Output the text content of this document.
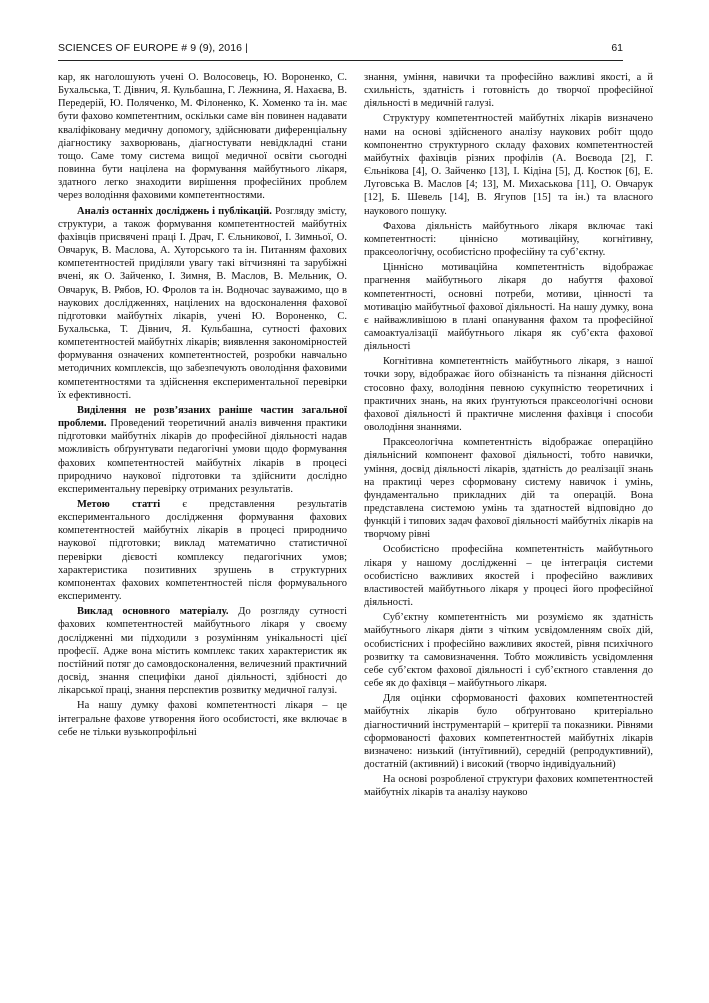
SCIENCES OF EUROPE # 9 (9), 2016 |	61

кар, як наголошують учені О. Волосовець, Ю. Вороненко, С. Бухальська, Т. Дівнич, Я. Кульбашна, Г. Лежнина, Я. Нахаєва, В. Передерій, Ю. Поляченко, М. Філоненко, К. Хоменко та ін. має бути фахово компетентним, оскільки саме він повинен надавати кваліфіковану медичну допомогу, здійснювати диференціальну діагностику захворювань, діагностувати невідкладні стани тощо. Саме тому система вищої медичної освіти сьогодні повинна бути націлена на формування майбутнього лікаря, здатного легко знаходити вирішення професійних проблем через володіння фаховими компетентностями.

Аналіз останніх досліджень і публікацій. Розгляду змісту, структури, а також формування компетентностей майбутніх фахівців присвячені праці І. Драч, Г. Єльникової, І. Зимньої, О. Овчарук, В. Маслова, А. Хуторського та ін. Питанням фахових компетентностей приділяли увагу такі вітчизняні та зарубіжні вчені, як О. Зайченко, І. Зимня, В. Маслов, В. Мельник, О. Овчарук, В. Рябов, Ю. Фролов та ін. Водночас зауважимо, що в наукових дослідженнях, націлених на вдосконалення фахової підготовки майбутніх лікарів, учені Ю. Вороненко, С. Бухальська, Т. Дівнич, Я. Кульбашна, сутності фахових компетентностей майбутніх лікарів; виявлення закономірностей формування означених компетентностей, розробки навчально методичних комплексів, що забезпечують оволодіння фаховими компетентностями та здійснення експериментальної перевірки їх ефективності.

Виділення не розв’язаних раніше частин загальної проблеми. Проведений теоретичний аналіз вивчення практики підготовки майбутніх лікарів до професійної діяльності надав можливість обґрунтувати педагогічні умови щодо формування фахових компетентностей майбутніх лікарів в процесі природничо наукової підготовки та здійснити дослідно експериментальну перевірку отриманих результатів.

Метою статті є представлення результатів експериментального дослідження формування фахових компетентностей майбутніх лікарів в процесі природничо наукової підготовки; виклад математично статистичної перевірки дієвості комплексу педагогічних умов; характеристика позитивних зрушень в структурних компонентах фахових компетентностей після формувального експерименту.

Виклад основного матеріалу. До розгляду сутності фахових компетентностей майбутнього лікаря у своєму дослідженні ми підходили з розумінням унікальності цієї професії. Адже вона містить комплекс таких характеристик як постійний потяг до самовдосконалення, величезний практичний досвід, знання специфіки даної діяльності, здібності до лікарської праці, знання перспектив розвитку медичної галузі.

На нашу думку фахові компетентності лікаря – це інтегральне фахове утворення його особистості, яке включає в себе не тільки вузькопрофільні

знання, уміння, навички та професійно важливі якості, а й схильність, здатність і готовність до творчої професійної діяльності в медичній галузі.

Структуру компетентностей майбутніх лікарів визначено нами на основі здійсненого аналізу наукових робіт щодо компонентно структурного складу фахових компетентностей майбутніх фахівців різних профілів (А. Воєвода [2], Г. Єльнікова [4], О. Зайченко [13], І. Кідіна [5], Д. Костюк [6], Е. Луговська В. Маслов [4; 13], М. Михаськова [11], О. Овчарук [12], Б. Шевель [14], В. Ягупов [15] та ін.) та власного наукового пошуку.

Фахова діяльність майбутнього лікаря включає такі компетентності: ціннісно мотиваційну, когнітивну, праксеологічну, особистісно професійну та суб’єктну.

Ціннісно мотиваційна компетентність відображає прагнення майбутнього лікаря до набуття фахової компетентності, основні потреби, мотиви, цінності та мотивацію майбутньої фахової діяльності. На нашу думку, вона є найважливішою в плані опанування фахом та професійної самоактуалізації майбутнього лікаря як суб’єкта фахової діяльності

Когнітивна компетентність майбутнього лікаря, з нашої точки зору, відображає його обізнаність та пізнання дійсності стосовно фаху, володіння певною сукупністю теоретичних і практичних знань, на яких ґрунтуються праксеологічні основи фахової діяльності й практичне мислення фахівця і способи оволодіння знаннями.

Праксеологічна компетентність відображає операційно діяльнісний компонент фахової діяльності, тобто навички, уміння, досвід діяльності лікарів, здатність до реалізації знань на практиці через сформовану систему навичок і умінь, фундаментально прикладних дій та операцій. Вона представлена системою умінь та здатностей відповідно до функцій і типових задач фахової діяльності майбутніх лікарів на творчому рівні

Особистісно професійна компетентність майбутнього лікаря у нашому дослідженні – це інтеграція системи особистісно важливих якостей і професійно важливих властивостей майбутнього лікаря у процесі його професійної діяльності.

Суб’єктну компетентність ми розуміємо як здатність майбутнього лікаря діяти з чітким усвідомленням своїх дій, особистісних і професійно важливих якостей, рівня психічного розвитку та самовизначення. Тобто можливість усвідомлення себе суб’єктом фахової діяльності і суб’єктного ставлення до себе як до фахівця – майбутнього лікаря.

Для оцінки сформованості фахових компетентностей майбутніх лікарів було обґрунтовано критеріально діагностичний інструментарій – критерії та показники. Рівнями сформованості фахових компетентностей майбутніх лікарів визначено: низький (інтуїтивний), середній (репродуктивний), достатній (активний) і високий (творчо індивідуальний)

На основі розробленої структури фахових компетентностей майбутніх лікарів та аналізу науково
